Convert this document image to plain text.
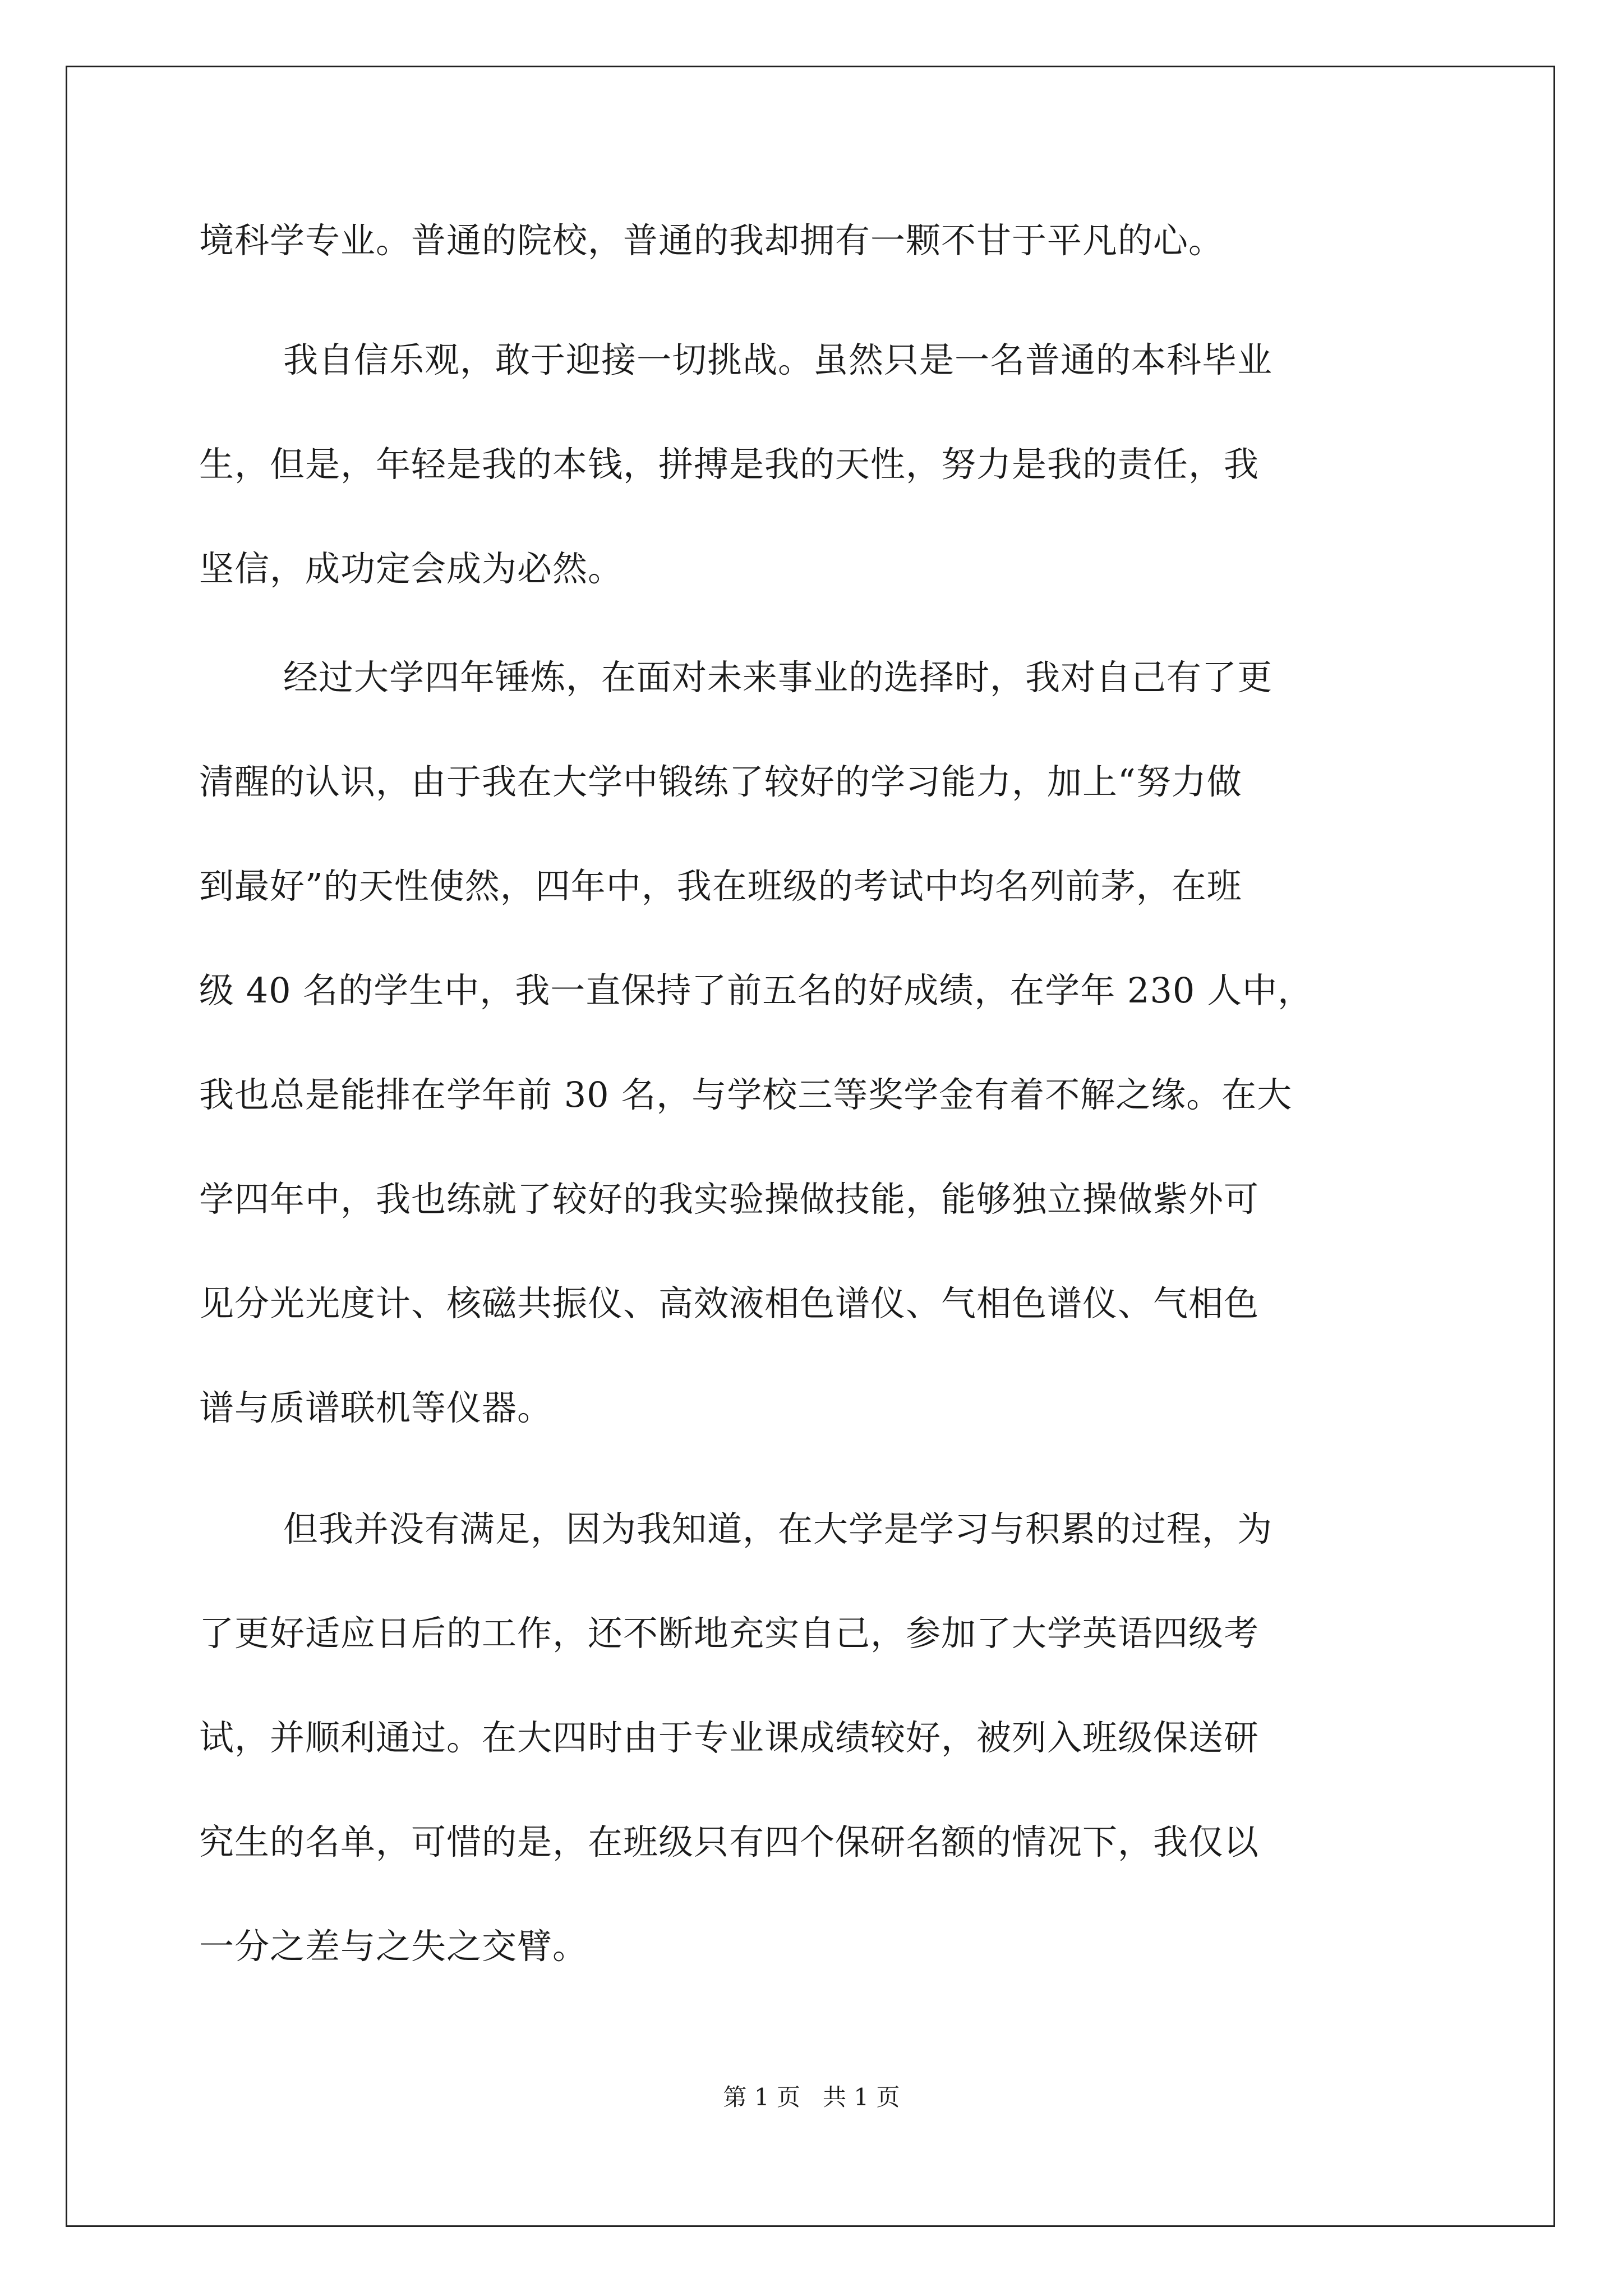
境科学专业。普通的院校，普通的我却拥有一颗不甘于平凡的心。

我自信乐观，敢于迎接一切挑战。虽然只是一名普通的本科毕业

生，但是，年轻是我的本钱，拼搏是我的天性，努力是我的责任，我

坚信，成功定会成为必然。

经过大学四年锤炼，在面对未来事业的选择时，我对自己有了更

清醒的认识，由于我在大学中锻练了较好的学习能力，加上“努力做

到最好”的天性使然，四年中，我在班级的考试中均名列前茅，在班

级 40 名的学生中，我一直保持了前五名的好成绩，在学年 230 人中，

我也总是能排在学年前 30 名，与学校三等奖学金有着不解之缘。在大

学四年中，我也练就了较好的我实验操做技能，能够独立操做紫外可

见分光光度计、核磁共振仪、高效液相色谱仪、气相色谱仪、气相色

谱与质谱联机等仪器。

但我并没有满足，因为我知道，在大学是学习与积累的过程，为

了更好适应日后的工作，还不断地充实自己，参加了大学英语四级考

试，并顺利通过。在大四时由于专业课成绩较好，被列入班级保送研

究生的名单，可惜的是，在班级只有四个保研名额的情况下，我仅以

一分之差与之失之交臂。

第 1 页   共 1 页
